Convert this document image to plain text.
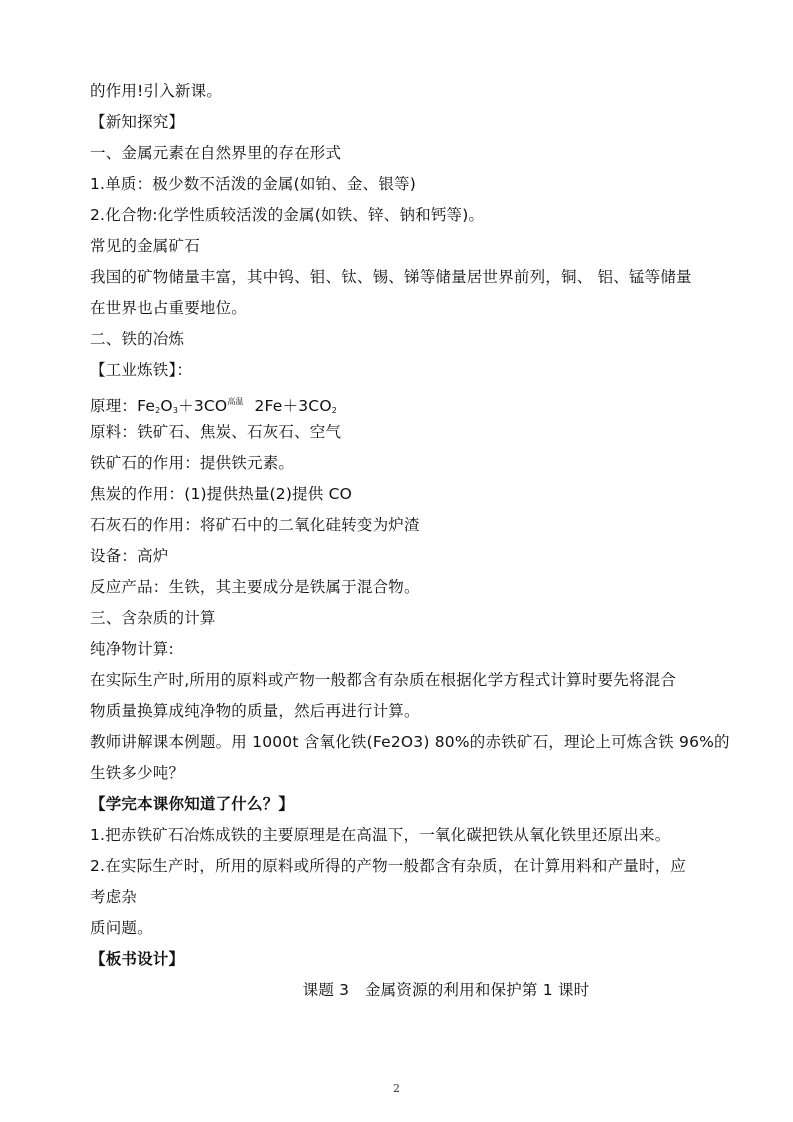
的作用!引入新课。
【新知探究】
一、金属元素在自然界里的存在形式
1.单质：极少数不活泼的金属(如铂、金、银等)
2.化合物:化学性质较活泼的金属(如铁、锌、钠和钙等)。
常见的金属矿石
我国的矿物储量丰富，其中钨、钼、钛、锡、锑等储量居世界前列，铜、 铝、锰等储量
在世界也占重要地位。
二、铁的冶炼
【工业炼铁】：
原理：$Fe_2O_3+3CO^{高温}$ $2Fe+3CO_2$
原料：铁矿石、焦炭、石灰石、空气
铁矿石的作用：提供铁元素。
焦炭的作用：(1)提供热量(2)提供 CO
石灰石的作用：将矿石中的二氧化硅转变为炉渣
设备：高炉
反应产品：生铁，其主要成分是铁属于混合物。
三、含杂质的计算
纯净物计算:
在实际生产时,所用的原料或产物一般都含有杂质在根据化学方程式计算时要先将混合
物质量换算成纯净物的质量，然后再进行计算。
教师讲解课本例题。用 1000t 含氧化铁(Fe2O3) 80%的赤铁矿石，理论上可炼含铁 96%的
生铁多少吨？
【学完本课你知道了什么？】
1.把赤铁矿石冶炼成铁的主要原理是在高温下，一氧化碳把铁从氧化铁里还原出来。
2.在实际生产时，所用的原料或所得的产物一般都含有杂质，在计算用料和产量时，应
考虑杂
质问题。
【板书设计】
课题 3　金属资源的利用和保护第 1 课时
2
